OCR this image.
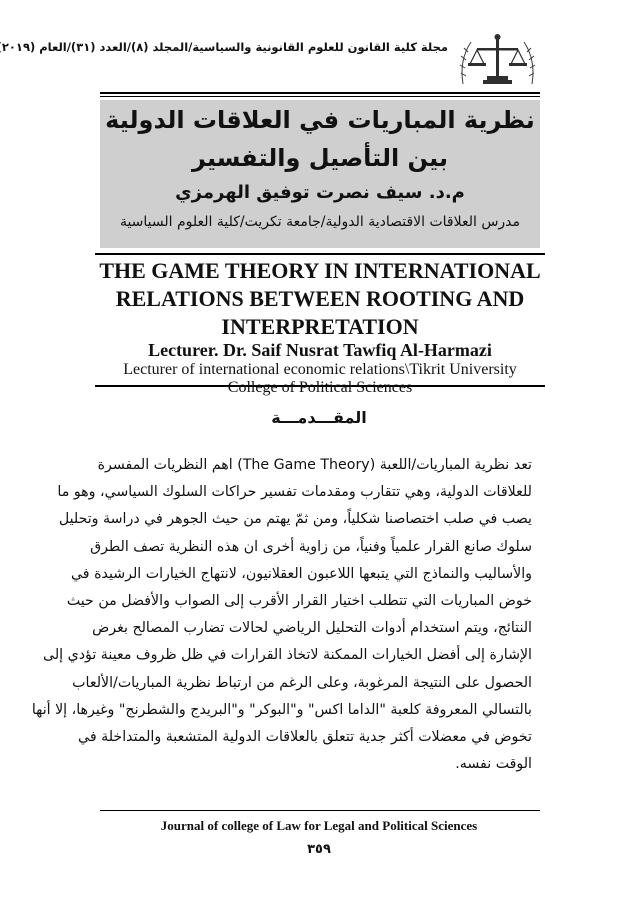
مجلة كلية القانون للعلوم القانونية والسياسية/المجلد (٨)/العدد (٣١)/العام (٢٠١٩
نظرية المباريات في العلاقات الدولية
بين التأصيل والتفسير
م.د. سيف نصرت توفيق الهرمزي
مدرس العلاقات الاقتصادية الدولية/جامعة تكريت/كلية العلوم السياسية
THE GAME THEORY IN INTERNATIONAL
RELATIONS BETWEEN ROOTING AND
INTERPRETATION
Lecturer. Dr. Saif Nusrat Tawfiq Al-Harmazi
Lecturer of international economic relations\Tikrit University
College of Political Sciences
المقـــدمـــة
تعد نظرية المباريات/اللعبة (The Game Theory) اهم النظريات المفسرة
للعلاقات الدولية، وهي تتقارب ومقدمات تفسير حراكات السلوك السياسي، وهو ما
يصب في صلب اختصاصنا شكلياً، ومن ثمّ يهتم من حيث الجوهر في دراسة وتحليل
سلوك صانع القرار علمياً وفنياً، من زاوية أخرى ان هذه النظرية تصف الطرق
والأساليب والنماذج التي يتبعها اللاعبون العقلانيون، لانتهاج الخيارات الرشيدة في
خوض المباريات التي تتطلب اختيار القرار الأقرب إلى الصواب والأفضل من حيث
النتائج، ويتم استخدام أدوات التحليل الرياضي لحالات تضارب المصالح بغرض
الإشارة إلى أفضل الخيارات الممكنة لاتخاذ القرارات في ظل ظروف معينة تؤدي إلى
الحصول على النتيجة المرغوبة، وعلى الرغم من ارتباط نظرية المباريات/الألعاب
بالتسالي المعروفة كلعبة "الداما اكس" و"البوكر" و"البريدج والشطرنج" وغيرها، إلا أنها
تخوض في معضلات أكثر جدية تتعلق بالعلاقات الدولية المتشعبة والمتداخلة في
الوقت نفسه.
Journal of college of Law for Legal and Political Sciences
٣٥٩
